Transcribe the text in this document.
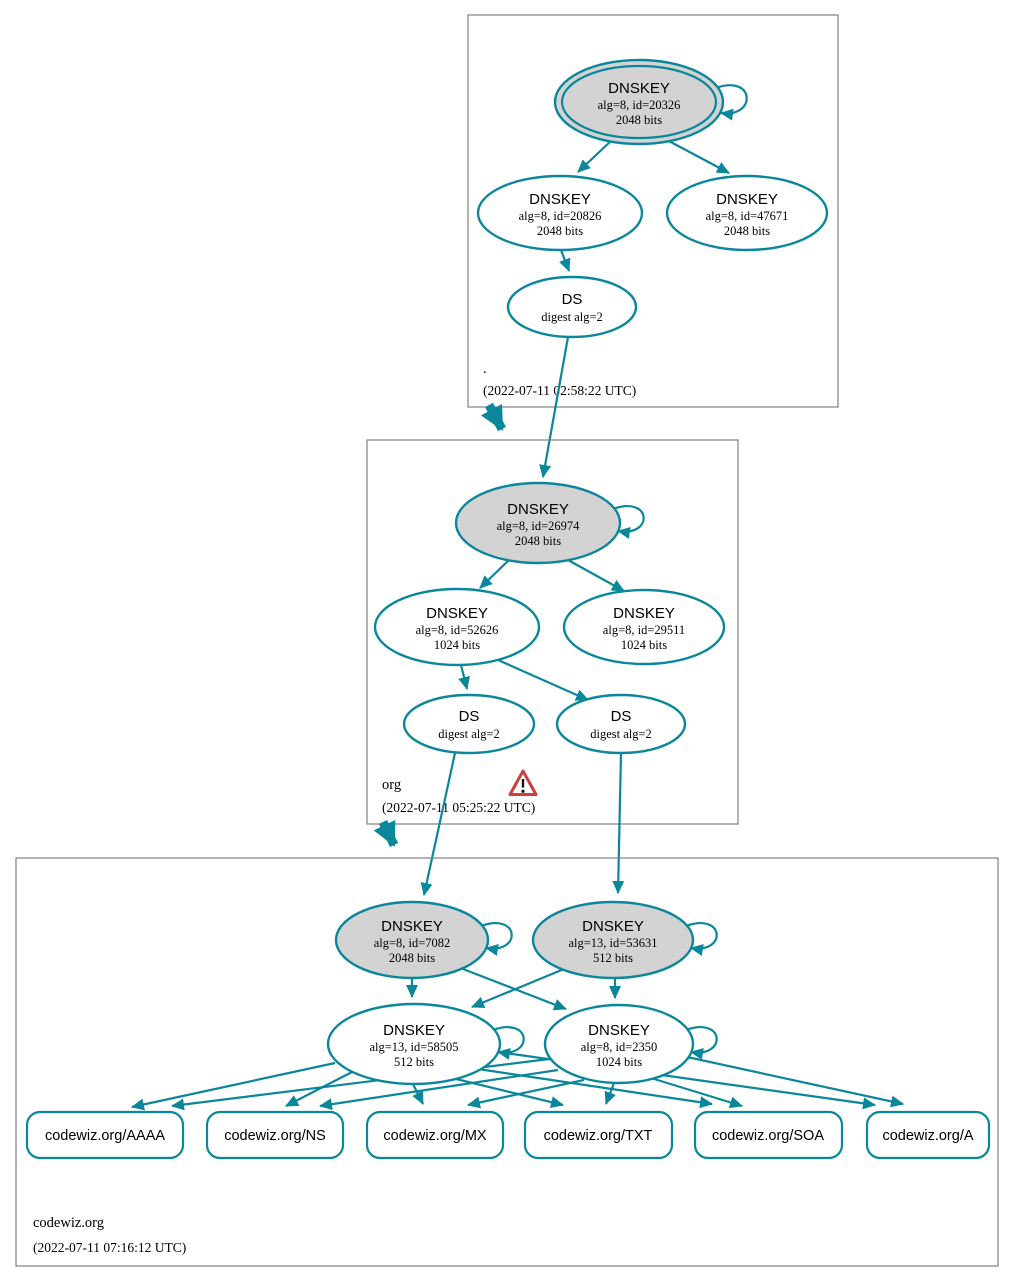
DNSKEY
alg=8, id=20326
2048 bits
DNSKEY
alg=8, id=20826
2048 bits
DNSKEY
alg=8, id=47671
2048 bits
DS
digest alg=2
.
(2022-07-11 02:58:22 UTC)
DNSKEY
alg=8, id=26974
2048 bits
DNSKEY
alg=8, id=52626
1024 bits
DNSKEY
alg=8, id=29511
1024 bits
DS
digest alg=2
DS
digest alg=2
org
(2022-07-11 05:25:22 UTC)
DNSKEY
alg=8, id=7082
2048 bits
DNSKEY
alg=13, id=53631
512 bits
DNSKEY
alg=13, id=58505
512 bits
DNSKEY
alg=8, id=2350
1024 bits
codewiz.org/AAAA	codewiz.org/NS	codewiz.org/MX	codewiz.org/TXT	codewiz.org/SOA	codewiz.org/A
codewiz.org
(2022-07-11 07:16:12 UTC)
